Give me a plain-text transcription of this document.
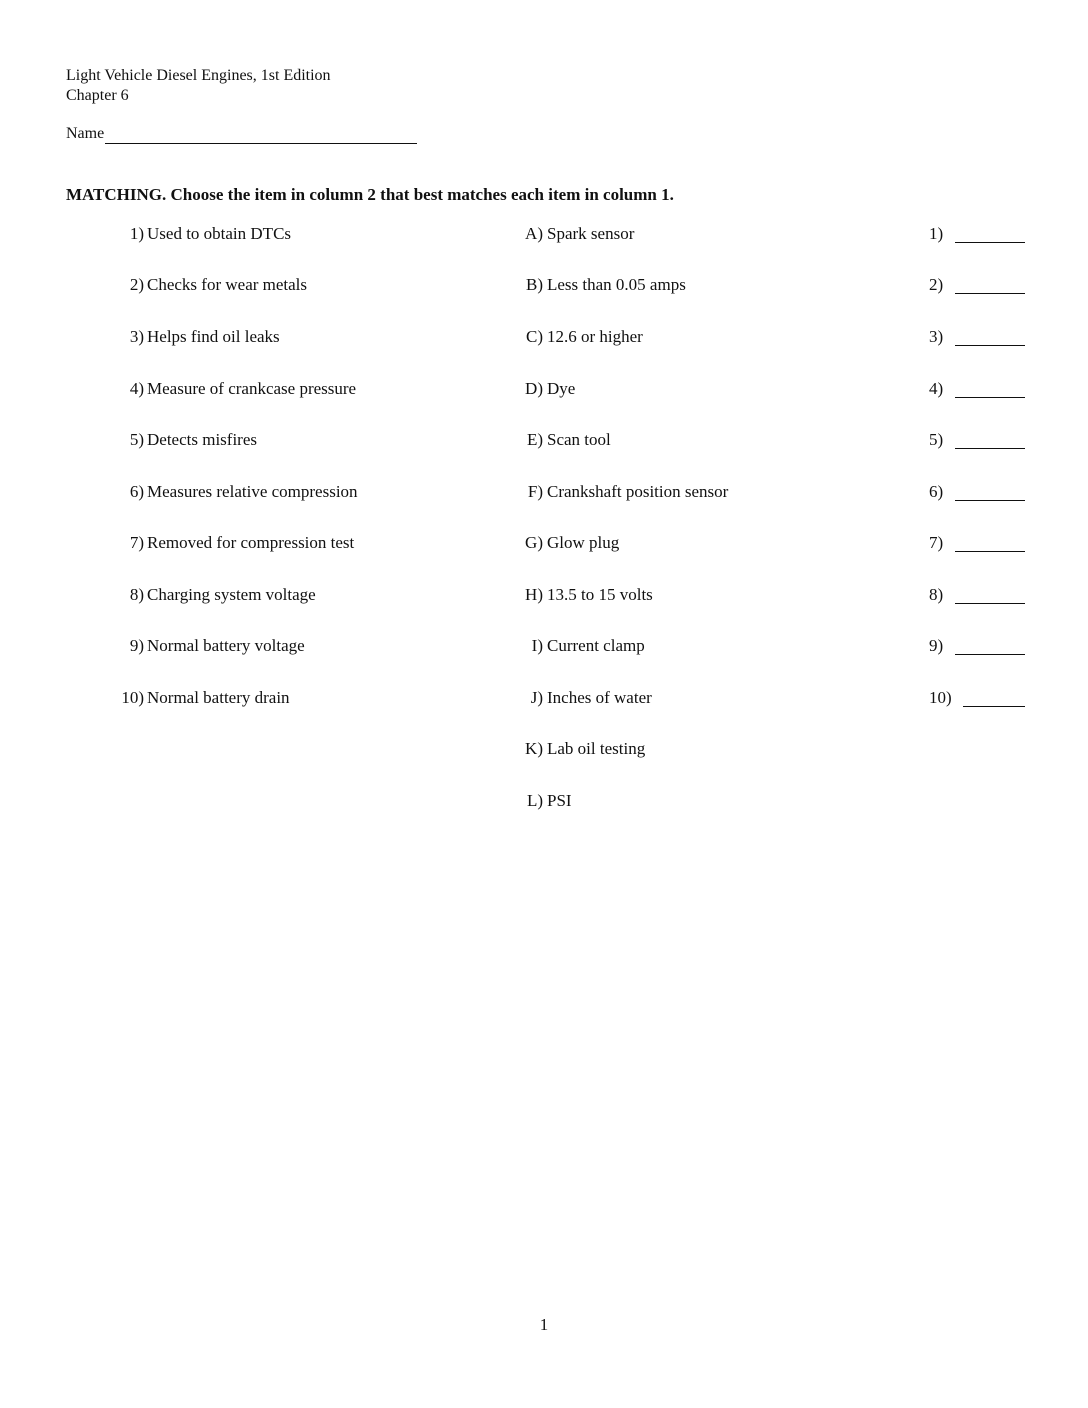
Light Vehicle Diesel Engines, 1st Edition
Chapter 6
Name
MATCHING. Choose the item in column 2 that best matches each item in column 1.
1) Used to obtain DTCs	A) Spark sensor	1)
2) Checks for wear metals	B) Less than 0.05 amps	2)
3) Helps find oil leaks	C) 12.6 or higher	3)
4) Measure of crankcase pressure	D) Dye	4)
5) Detects misfires	E) Scan tool	5)
6) Measures relative compression	F) Crankshaft position sensor	6)
7) Removed for compression test	G) Glow plug	7)
8) Charging system voltage	H) 13.5 to 15 volts	8)
9) Normal battery voltage	I) Current clamp	9)
10) Normal battery drain	J) Inches of water	10)
K) Lab oil testing
L) PSI
1
